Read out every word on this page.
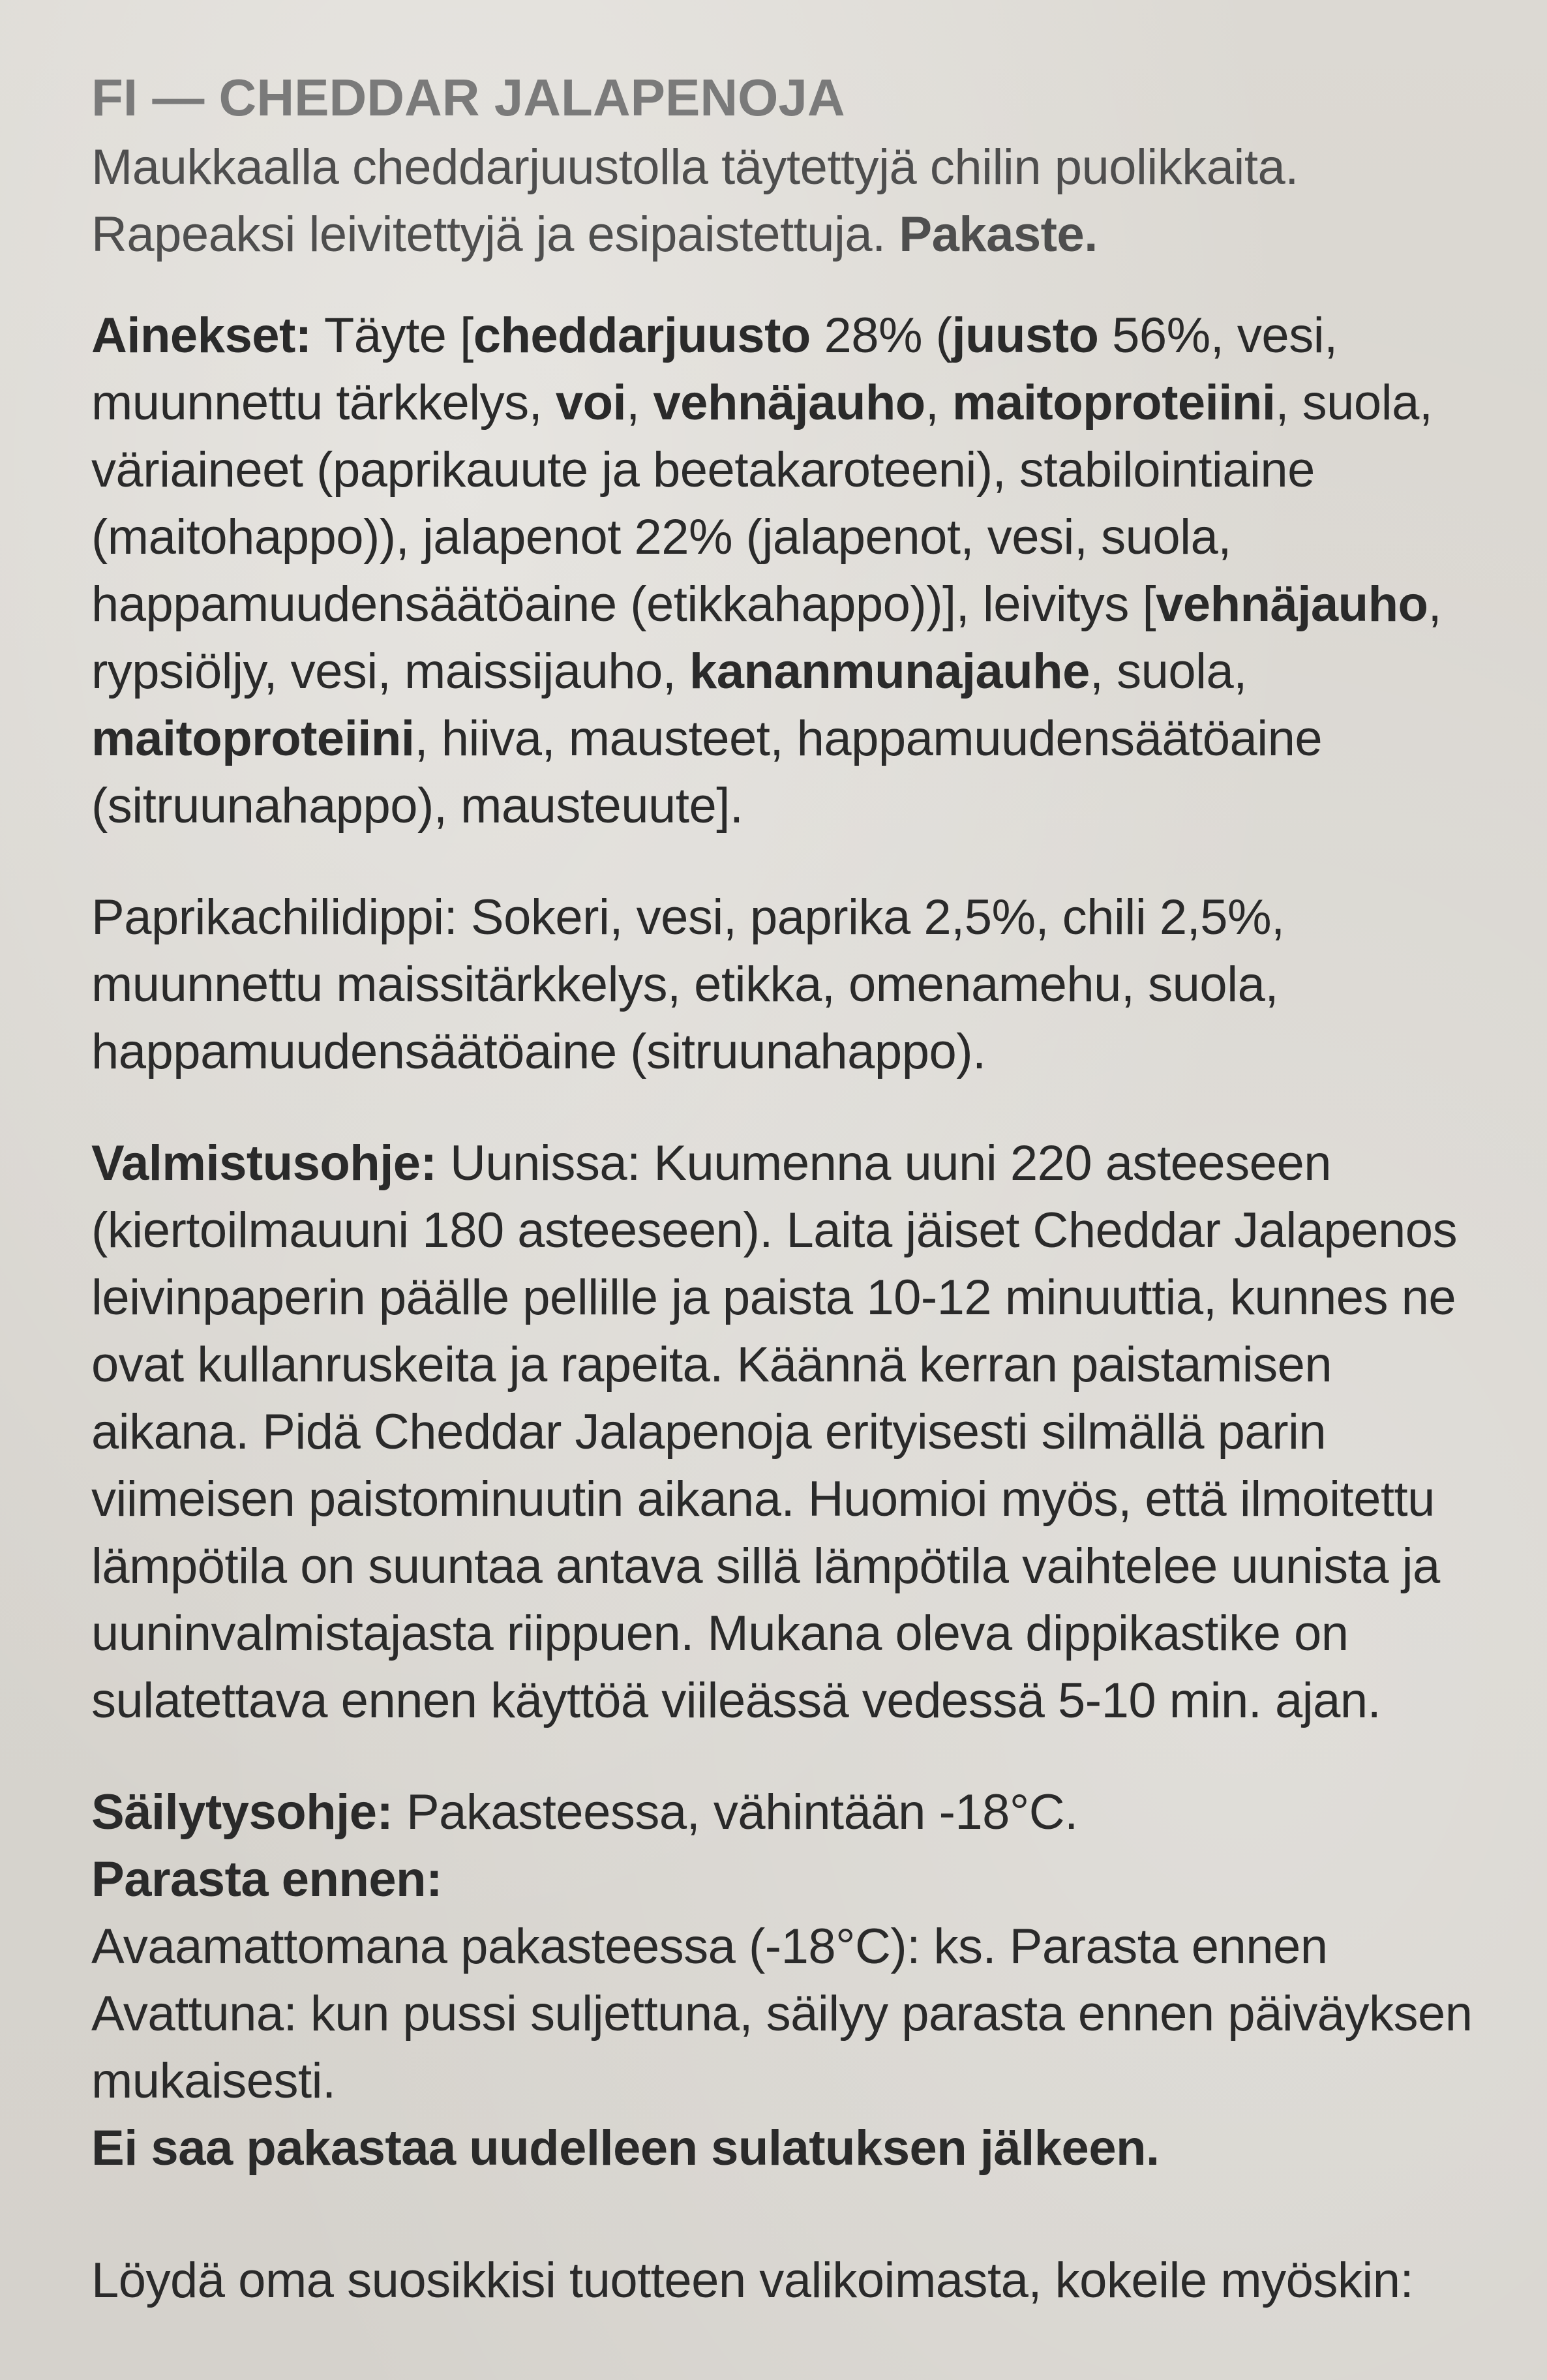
FI — CHEDDAR JALAPENOJA

Maukkaalla cheddarjuustolla täytettyjä chilin puolikkaita.
Rapeaksi leivitettyjä ja esipaistettuja. Pakaste.

Ainekset: Täyte [cheddarjuusto 28% (juusto 56%, vesi, muunnettu tärkkelys, voi, vehnäjauho, maitoproteiini, suola, väriaineet (paprikauute ja beetakaroteeni), stabilointiaine (maitohappo)), jalapenot 22% (jalapenot, vesi, suola, happamuudensäätöaine (etikkahappo))], leivitys [vehnäjauho, rypsiöljy, vesi, maissijauho, kananmunajauhe, suola, maitoproteiini, hiiva, mausteet, happamuudensäätöaine (sitruunahappo), mausteuute].

Paprikachilidippi: Sokeri, vesi, paprika 2,5%, chili 2,5%, muunnettu maissitärkkelys, etikka, omenamehu, suola, happamuudensäätöaine (sitruunahappo).

Valmistusohje: Uunissa: Kuumenna uuni 220 asteeseen (kiertoilmauuni 180 asteeseen). Laita jäiset Cheddar Jalapenos leivinpaperin päälle pellille ja paista 10-12 minuuttia, kunnes ne ovat kullanruskeita ja rapeita. Käännä kerran paistamisen aikana. Pidä Cheddar Jalapenoja erityisesti silmällä parin viimeisen paistominuutin aikana. Huomioi myös, että ilmoitettu lämpötila on suuntaa antava sillä lämpötila vaihtelee uunista ja uuninvalmistajasta riippuen. Mukana oleva dippikastike on sulatettava ennen käyttöä viileässä vedessä 5-10 min. ajan.

Säilytysohje: Pakasteessa, vähintään -18°C.

Parasta ennen:

Avaamattomana pakasteessa (-18°C): ks. Parasta ennen

Avattuna: kun pussi suljettuna, säilyy parasta ennen päiväyksen mukaisesti.

Ei saa pakastaa uudelleen sulatuksen jälkeen.

Löydä oma suosikkisi tuotteen valikoimasta, kokeile myöskin:
